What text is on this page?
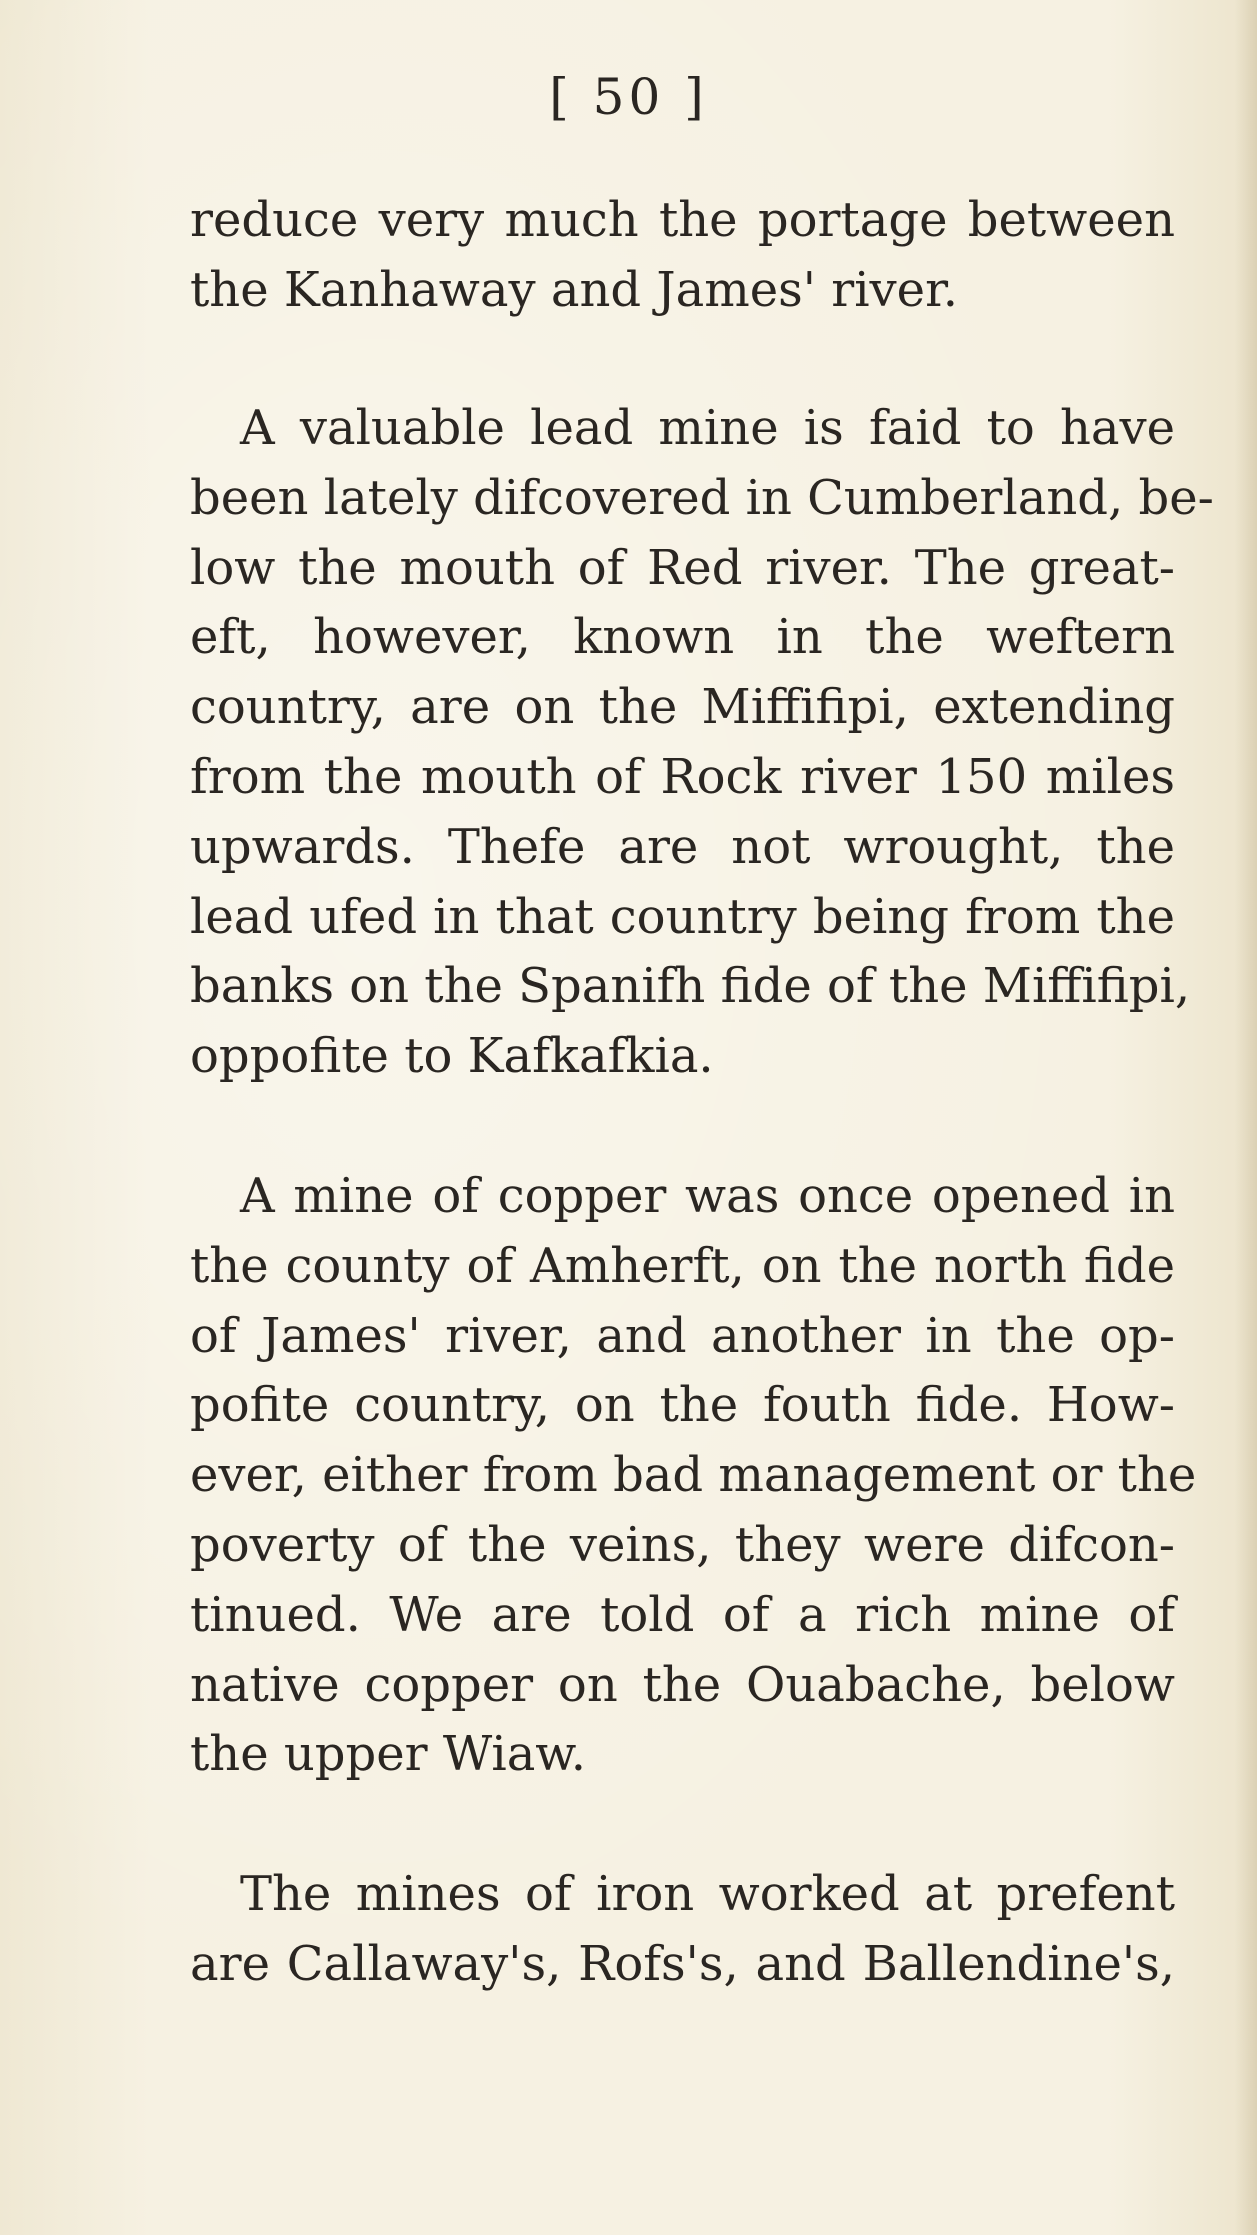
[ 50 ]
reduce very much the portage between
the Kanhaway and James' river.
A valuable lead mine is faid to have
been lately difcovered in Cumberland, be-
low the mouth of Red river. The great-
eft, however, known in the weftern
country, are on the Miffifipi, extending
from the mouth of Rock river 150 miles
upwards. Thefe are not wrought, the
lead ufed in that country being from the
banks on the Spanifh fide of the Miffifipi,
oppofite to Kafkafkia.
A mine of copper was once opened in
the county of Amherft, on the north fide
of James' river, and another in the op-
pofite country, on the fouth fide. How-
ever, either from bad management or the
poverty of the veins, they were difcon-
tinued. We are told of a rich mine of
native copper on the Ouabache, below
the upper Wiaw.
The mines of iron worked at prefent
are Callaway's, Rofs's, and Ballendine's,
